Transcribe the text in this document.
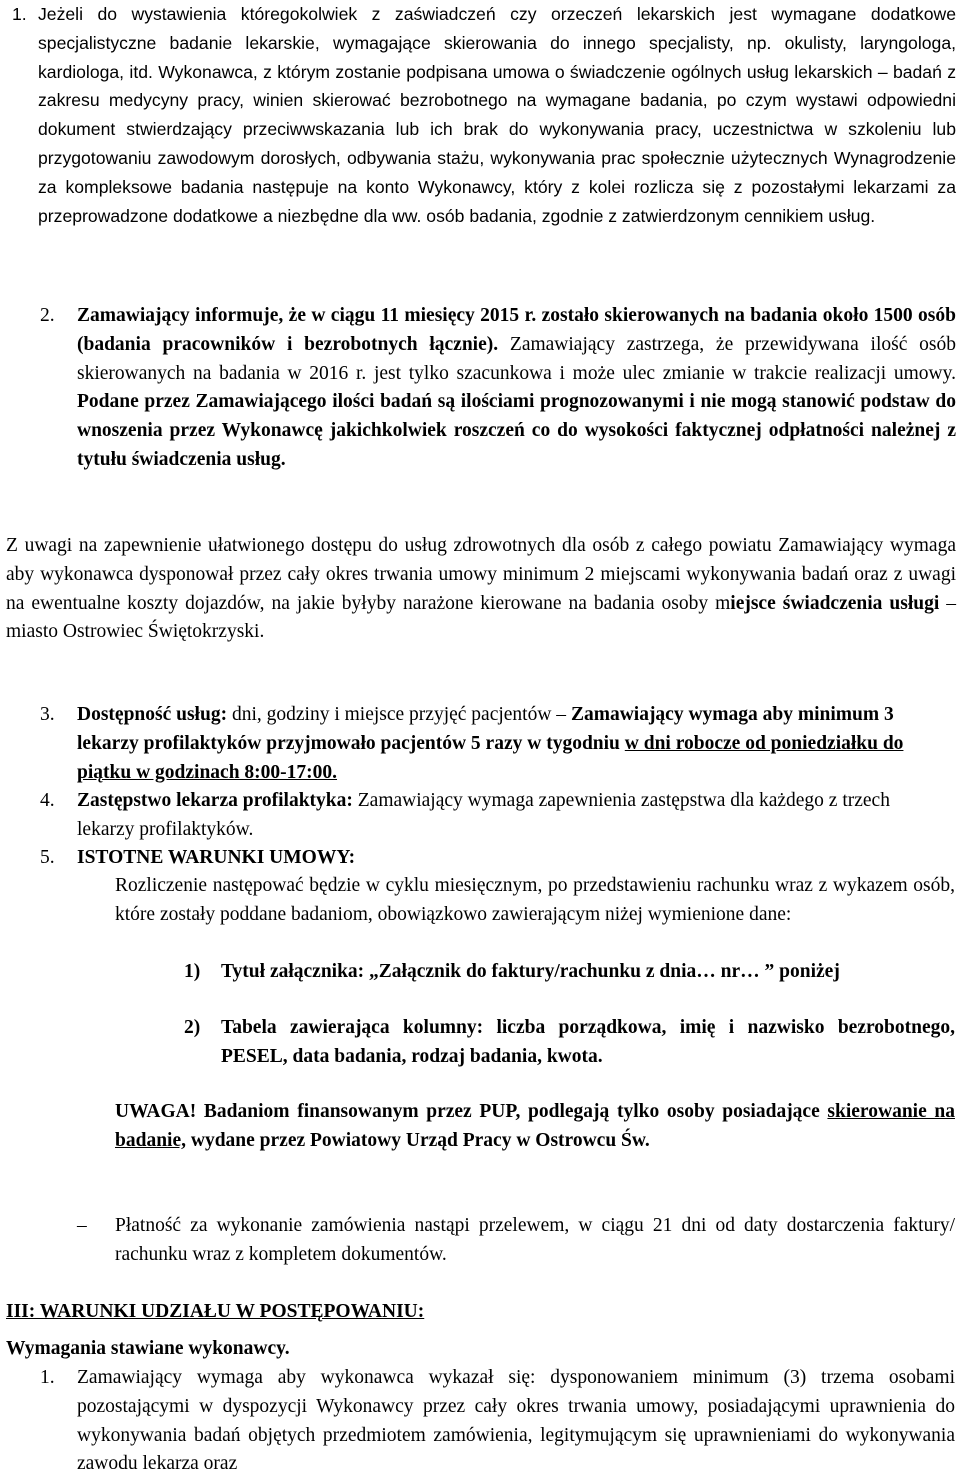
1. Jeżeli do wystawienia któregokolwiek z zaświadczeń czy orzeczeń lekarskich jest wymagane dodatkowe specjalistyczne badanie lekarskie, wymagające skierowania do innego specjalisty, np. okulisty, laryngologa, kardiologa, itd. Wykonawca, z którym zostanie podpisana umowa o świadczenie ogólnych usług lekarskich – badań z zakresu medycyny pracy, winien skierować bezrobotnego na wymagane badania, po czym wystawi odpowiedni dokument stwierdzający przeciwwskazania lub ich brak do wykonywania pracy, uczestnictwa w szkoleniu lub przygotowaniu zawodowym dorosłych, odbywania stażu, wykonywania prac społecznie użytecznych Wynagrodzenie za kompleksowe badania następuje na konto Wykonawcy, który z kolei rozlicza się z pozostałymi lekarzami za przeprowadzone dodatkowe a niezbędne dla ww. osób badania, zgodnie z zatwierdzonym cennikiem usług.

2. Zamawiający informuje, że w ciągu 11 miesięcy 2015 r. zostało skierowanych na badania około 1500 osób (badania pracowników i bezrobotnych łącznie). Zamawiający zastrzega, że przewidywana ilość osób skierowanych na badania w 2016 r. jest tylko szacunkowa i może ulec zmianie w trakcie realizacji umowy. Podane przez Zamawiającego ilości badań są ilościami prognozowanymi i nie mogą stanowić podstaw do wnoszenia przez Wykonawcę jakichkolwiek roszczeń co do wysokości faktycznej odpłatności należnej z tytułu świadczenia usług.

Z uwagi na zapewnienie ułatwionego dostępu do usług zdrowotnych dla osób z całego powiatu Zamawiający wymaga aby wykonawca dysponował przez cały okres trwania umowy minimum 2 miejscami wykonywania badań oraz z uwagi na ewentualne koszty dojazdów, na jakie byłyby narażone kierowane na badania osoby miejsce świadczenia usługi – miasto Ostrowiec Świętokrzyski.

3. Dostępność usług: dni, godziny i miejsce przyjęć pacjentów – Zamawiający wymaga aby minimum 3 lekarzy profilaktyków przyjmowało pacjentów 5 razy w tygodniu w dni robocze od poniedziałku do piątku w godzinach 8:00-17:00.

4. Zastępstwo lekarza profilaktyka: Zamawiający wymaga zapewnienia zastępstwa dla każdego z trzech lekarzy profilaktyków.

5. ISTOTNE WARUNKI UMOWY:

Rozliczenie następować będzie w cyklu miesięcznym, po przedstawieniu rachunku wraz z wykazem osób, które zostały poddane badaniom, obowiązkowo zawierającym niżej wymienione dane:

1) Tytuł załącznika: „Załącznik do faktury/rachunku z dnia… nr… ” poniżej

2) Tabela zawierająca kolumny: liczba porządkowa, imię i nazwisko bezrobotnego, PESEL, data badania, rodzaj badania, kwota.

UWAGA! Badaniom finansowanym przez PUP, podlegają tylko osoby posiadające skierowanie na badanie, wydane przez Powiatowy Urząd Pracy w Ostrowcu Św.

– Płatność za wykonanie zamówienia nastąpi przelewem, w ciągu 21 dni od daty dostarczenia faktury/ rachunku wraz z kompletem dokumentów.

III: WARUNKI UDZIAŁU W POSTĘPOWANIU:
Wymagania stawiane wykonawcy.
1. Zamawiający wymaga aby wykonawca wykazał się: dysponowaniem minimum (3) trzema osobami pozostającymi w dyspozycji Wykonawcy przez cały okres trwania umowy, posiadającymi uprawnienia do wykonywania badań objętych przedmiotem zamówienia, legitymującym się uprawnieniami do wykonywania zawodu lekarza oraz
